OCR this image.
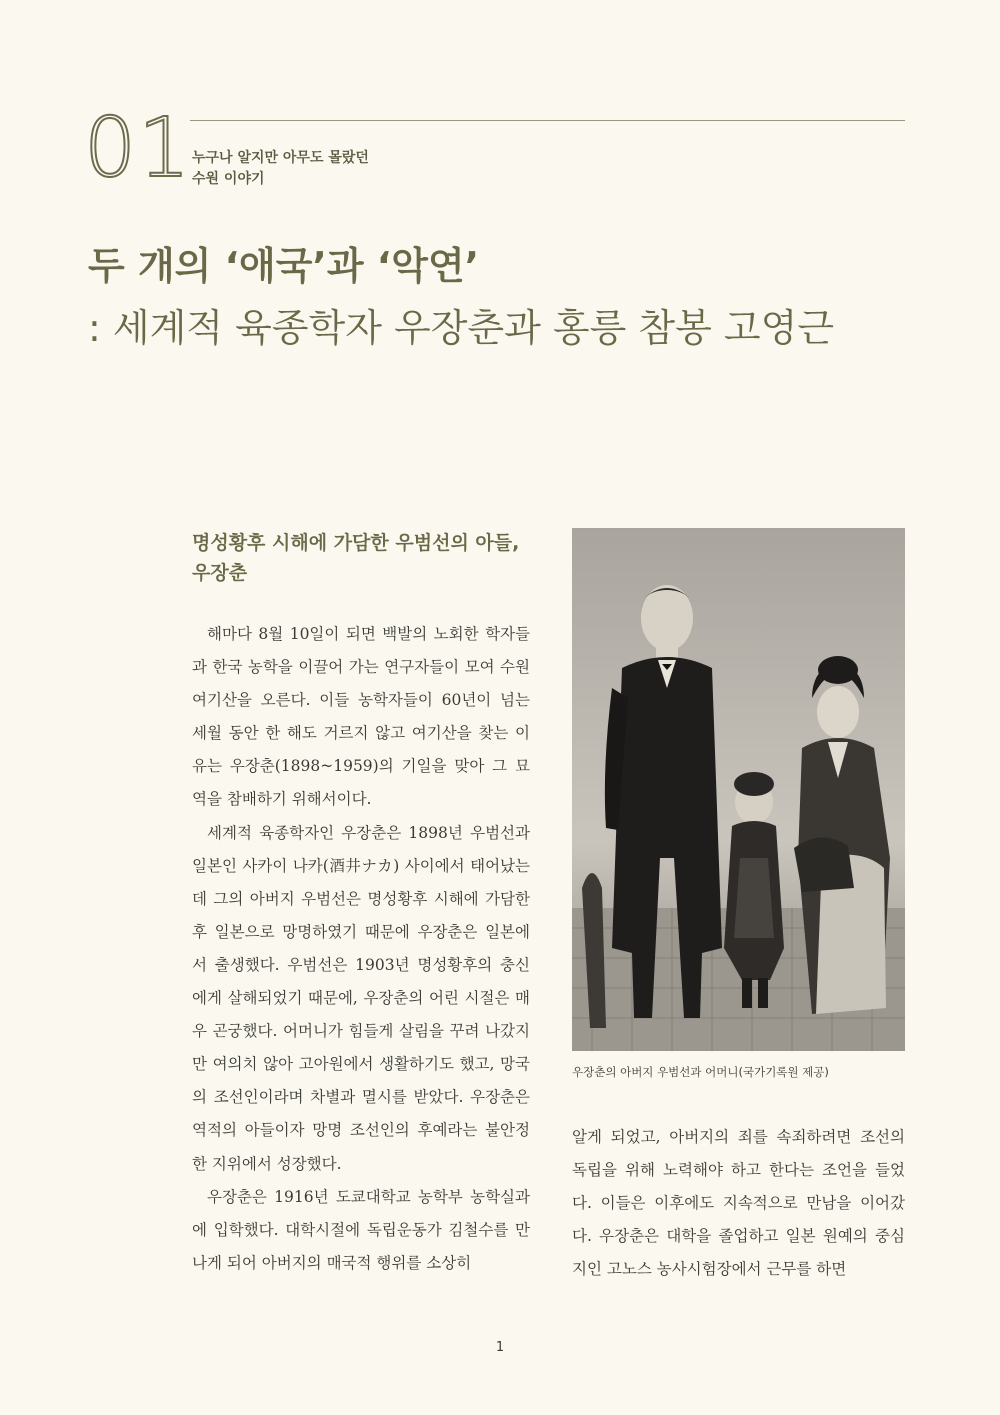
01 누구나 알지만 아무도 몰랐던
수원 이야기
두 개의 ‘애국’과 ‘악연’
: 세계적 육종학자 우장춘과 홍릉 참봉 고영근
명성황후 시해에 가담한 우범선의 아들,
우장춘

해마다 8월 10일이 되면 백발의 노회한 학자들과 한국 농학을 이끌어 가는 연구자들이 모여 수원 여기산을 오른다. 이들 농학자들이 60년이 넘는 세월 동안 한 해도 거르지 않고 여기산을 찾는 이유는 우장춘(1898~1959)의 기일을 맞아 그 묘역을 참배하기 위해서이다.

세계적 육종학자인 우장춘은 1898년 우범선과 일본인 사카이 나카(酒井ナカ) 사이에서 태어났는데 그의 아버지 우범선은 명성황후 시해에 가담한 후 일본으로 망명하였기 때문에 우장춘은 일본에서 출생했다. 우범선은 1903년 명성황후의 충신에게 살해되었기 때문에, 우장춘의 어린 시절은 매우 곤궁했다. 어머니가 힘들게 살림을 꾸려 나갔지만 여의치 않아 고아원에서 생활하기도 했고, 망국의 조선인이라며 차별과 멸시를 받았다. 우장춘은 역적의 아들이자 망명 조선인의 후예라는 불안정한 지위에서 성장했다.

우장춘은 1916년 도쿄대학교 농학부 농학실과에 입학했다. 대학시절에 독립운동가 김철수를 만나게 되어 아버지의 매국적 행위를 소상히

우장춘의 아버지 우범선과 어머니(국가기록원 제공)

알게 되었고, 아버지의 죄를 속죄하려면 조선의 독립을 위해 노력해야 하고 한다는 조언을 들었다. 이들은 이후에도 지속적으로 만남을 이어갔다. 우장춘은 대학을 졸업하고 일본 원예의 중심지인 고노스 농사시험장에서 근무를 하면

1
